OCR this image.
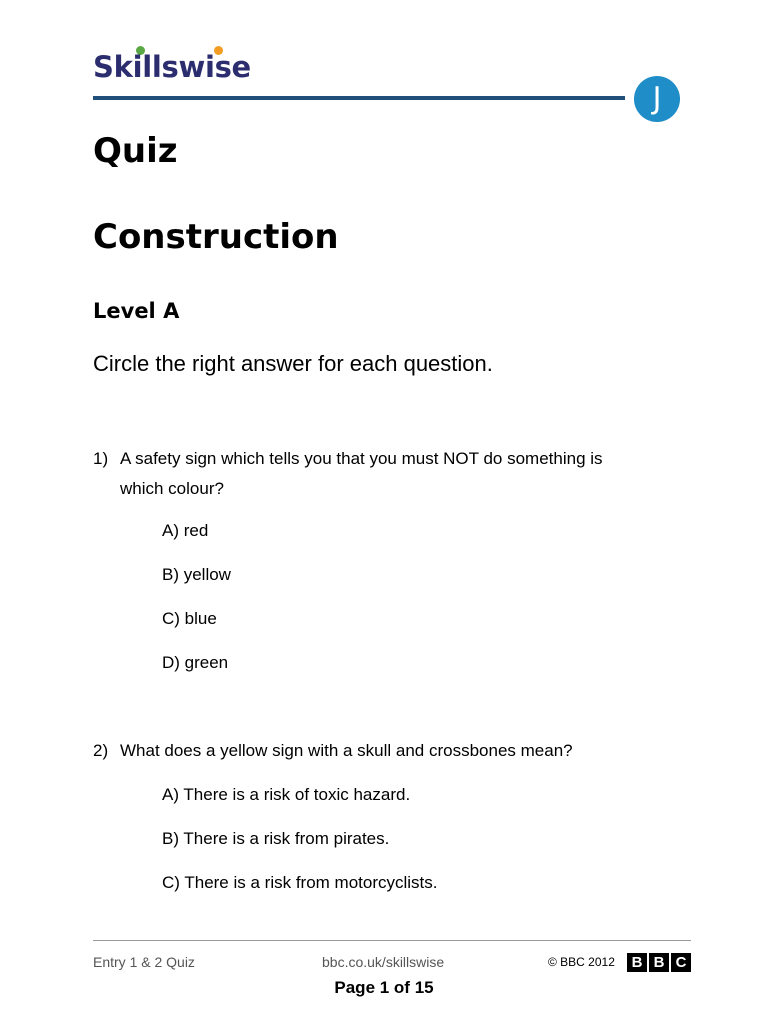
Skillswise
J
Quiz
Construction
Level A

Circle the right answer for each question.

1) A safety sign which tells you that you must NOT do something is which colour?
A) red
B) yellow
C) blue
D) green
2) What does a yellow sign with a skull and crossbones mean?
A) There is a risk of toxic hazard.
B) There is a risk from pirates.
C) There is a risk from motorcyclists.
Entry 1 & 2 Quiz	bbc.co.uk/skillswise	© BBC 2012	B B C
Page 1 of 15
